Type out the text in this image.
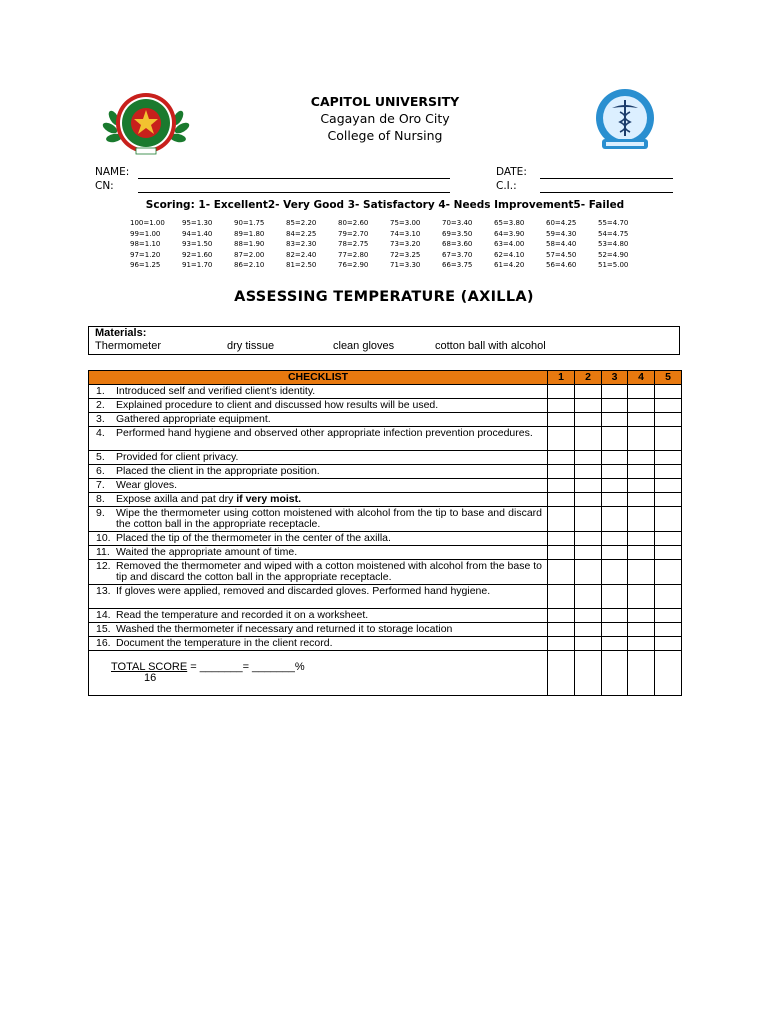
CAPITOL UNIVERSITY
Cagayan de Oro City
College of Nursing
NAME:
CN:
DATE:
C.I.:
Scoring: 1- Excellent2- Very Good 3- Satisfactory 4- Needs Improvement5- Failed
100=1.00	95=1.30	90=1.75	85=2.20	80=2.60	75=3.00	70=3.40	65=3.80	60=4.25	55=4.70
99=1.00	94=1.40	89=1.80	84=2.25	79=2.70	74=3.10	69=3.50	64=3.90	59=4.30	54=4.75
98=1.10	93=1.50	88=1.90	83=2.30	78=2.75	73=3.20	68=3.60	63=4.00	58=4.40	53=4.80
97=1.20	92=1.60	87=2.00	82=2.40	77=2.80	72=3.25	67=3.70	62=4.10	57=4.50	52=4.90
96=1.25	91=1.70	86=2.10	81=2.50	76=2.90	71=3.30	66=3.75	61=4.20	56=4.60	51=5.00
ASSESSING TEMPERATURE (AXILLA)
Materials:
Thermometer	dry tissue	clean gloves	cotton ball with alcohol
CHECKLIST	1	2	3	4	5

1. Introduced self and verified client’s identity.					

2. Explained procedure to client and discussed how results will be used.					

3. Gathered appropriate equipment.					

4. Performed hand hygiene and observed other appropriate infection prevention procedures.					

5. Provided for client privacy.					

6. Placed the client in the appropriate position.					

7. Wear gloves.					

8. Expose axilla and pat dry if very moist.					

9. Wipe the thermometer using cotton moistened with alcohol from the tip to base and discard the cotton ball in the appropriate receptacle.					

10. Placed the tip of the thermometer in the center of the axilla.					

11. Waited the appropriate amount of time.					

12. Removed the thermometer and wiped with a cotton moistened with alcohol from the base to tip and discard the cotton ball in the appropriate receptacle.					

13. If gloves were applied, removed and discarded gloves. Performed hand hygiene.					

14. Read the temperature and recorded it on a worksheet.					

15. Washed the thermometer if necessary and returned it to storage location					

16. Document the temperature in the client record.					

TOTAL SCORE = _______= _______%
16					
